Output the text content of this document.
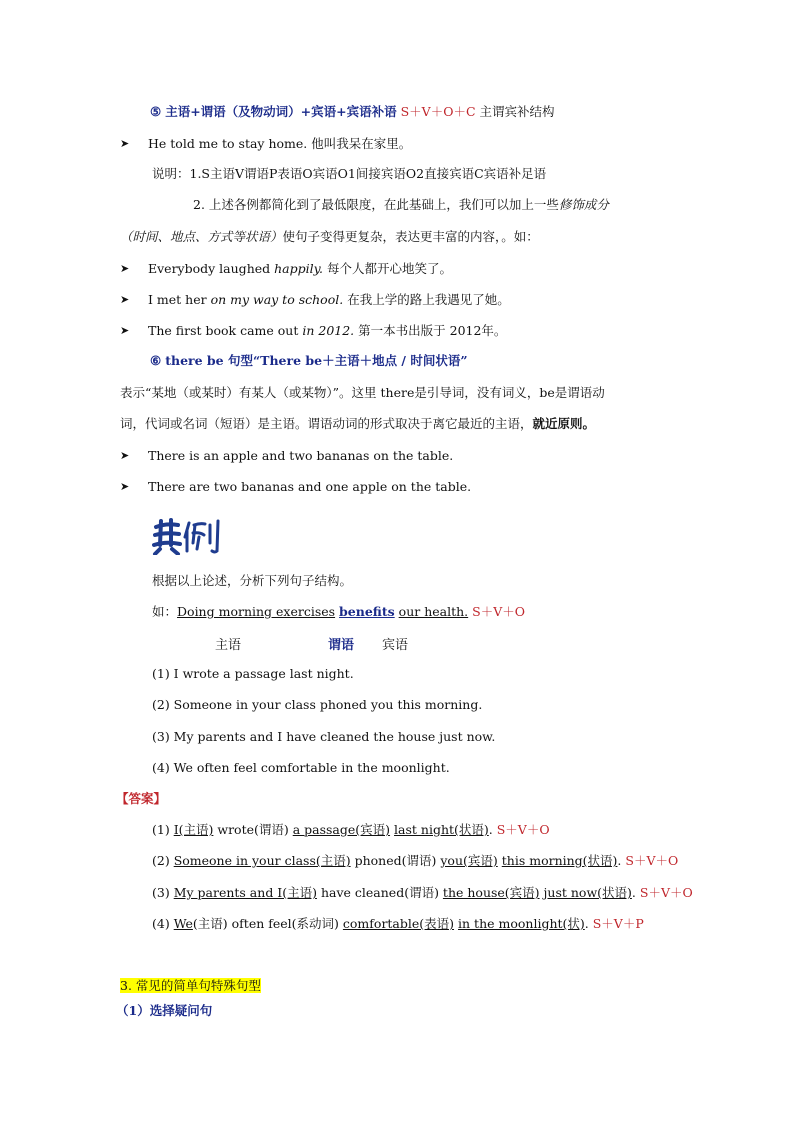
⑤ 主语+谓语（及物动词）+宾语+宾语补语 S＋V＋O＋C 主谓宾补结构
➤ He told me to stay home. 他叫我呆在家里。
说明：1.S主语V谓语P表语O宾语O1间接宾语O2直接宾语C宾语补足语
2. 上述各例都简化到了最低限度，在此基础上，我们可以加上一些修饰成分
（时间、地点、方式等状语）使句子变得更复杂，表达更丰富的内容，。如：
➤ Everybody laughed happily. 每个人都开心地笑了。
➤ I met her on my way to school. 在我上学的路上我遇见了她。
➤ The first book came out in 2012. 第一本书出版于 2012年。
⑥ there be 句型“There be＋主语＋地点 / 时间状语”
表示“某地（或某时）有某人（或某物）”。这里 there是引导词，没有词义，be是谓语动
词，代词或名词（短语）是主语。谓语动词的形式取决于离它最近的主语，就近原则。
➤ There is an apple and two bananas on the table.
➤ There are two bananas and one apple on the table.
根据以上论述，分析下列句子结构。
如：Doing morning exercises benefits our health. S＋V＋O
主语	谓语 宾语
(1) I wrote a passage last night.
(2) Someone in your class phoned you this morning.
(3) My parents and I have cleaned the house just now.
(4) We often feel comfortable in the moonlight.
【答案】
(1) I(主语) wrote(谓语) a passage(宾语) last night(状语). S＋V＋O
(2) Someone in your class(主语) phoned(谓语) you(宾语) this morning(状语). S＋V＋O
(3) My parents and I(主语) have cleaned(谓语) the house(宾语) just now(状语). S＋V＋O
(4) We(主语) often feel(系动词) comfortable(表语) in the moonlight(状). S＋V＋P
3. 常见的简单句特殊句型
（1）选择疑问句
